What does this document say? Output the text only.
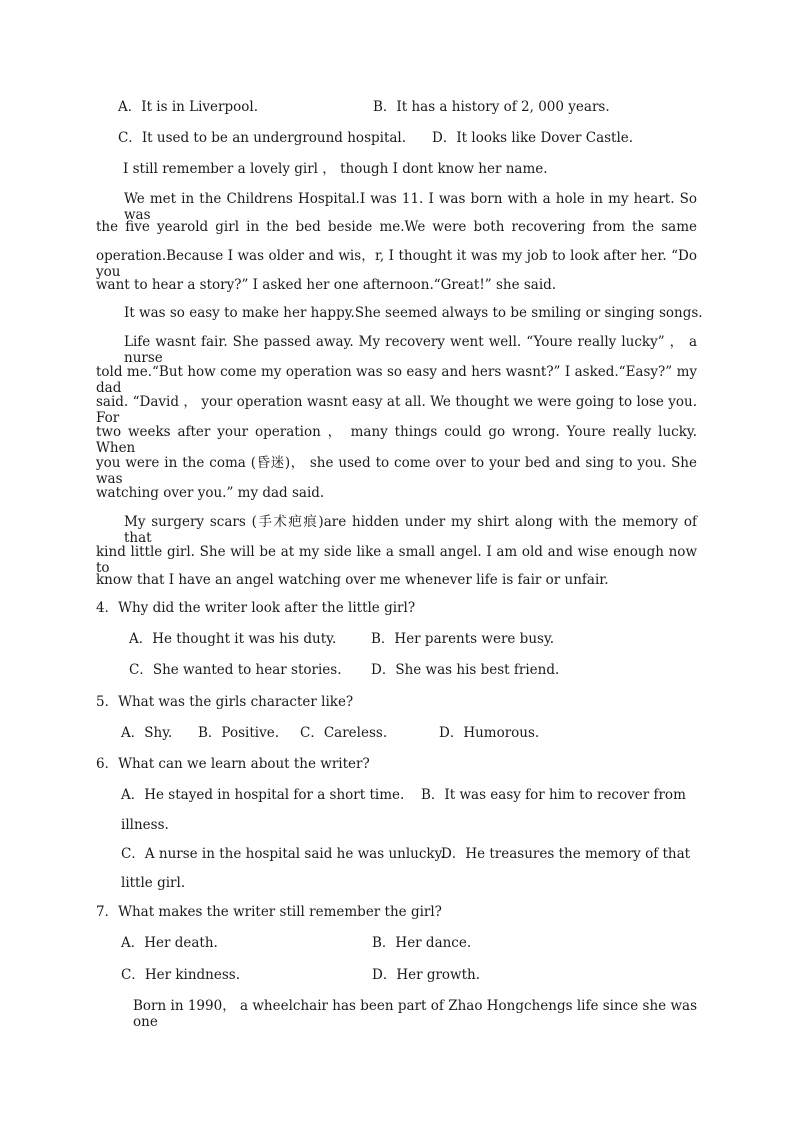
A．It is in Liverpool.	B．It has a history of 2, 000 years.
C．It used to be an underground hospital. D．It looks like Dover Castle.
I still remember a lovely girl ， though I dont know her name.
We met in the Childrens Hospital.I was 11. I was born with a hole in my heart. So was
the five yearold girl in the bed beside me.We were both recovering from the same
operation.Because I was older and wis，r, I thought it was my job to look after her. “Do you
want to hear a story?” I asked her one afternoon.“Great!” she said.
It was so easy to make her happy.She seemed always to be smiling or singing songs.
Life wasnt fair. She passed away. My recovery went well. “Youre really lucky” ， a nurse
told me.“But how come my operation was so easy and hers wasnt?” I asked.“Easy?” my dad
said. “David ， your operation wasnt easy at all. We thought we were going to lose you. For
two weeks after your operation ， many things could go wrong. Youre really lucky. When
you were in the coma (昏迷)， she used to come over to your bed and sing to you. She was
watching over you.” my dad said.
My surgery scars (手术疤痕)are hidden under my shirt along with the memory of that
kind little girl. She will be at my side like a small angel. I am old and wise enough now to
know that I have an angel watching over me whenever life is fair or unfair.
4．Why did the writer look after the little girl?
A．He thought it was his duty.	B．Her parents were busy.
C．She wanted to hear stories. D．She was his best friend.
5．What was the girls character like?
A．Shy. B．Positive. C．Careless.	D．Humorous.
6．What can we learn about the writer?
A．He stayed in hospital for a short time. B．It was easy for him to recover from
illness.
C．A nurse in the hospital said he was unlucky.
D．He treasures the memory of that
little girl.
7．What makes the writer still remember the girl?
A．Her death.	B．Her dance.
C．Her kindness.	D．Her growth.
Born in 1990， a wheelchair has been part of Zhao Hongchengs life since she was one
